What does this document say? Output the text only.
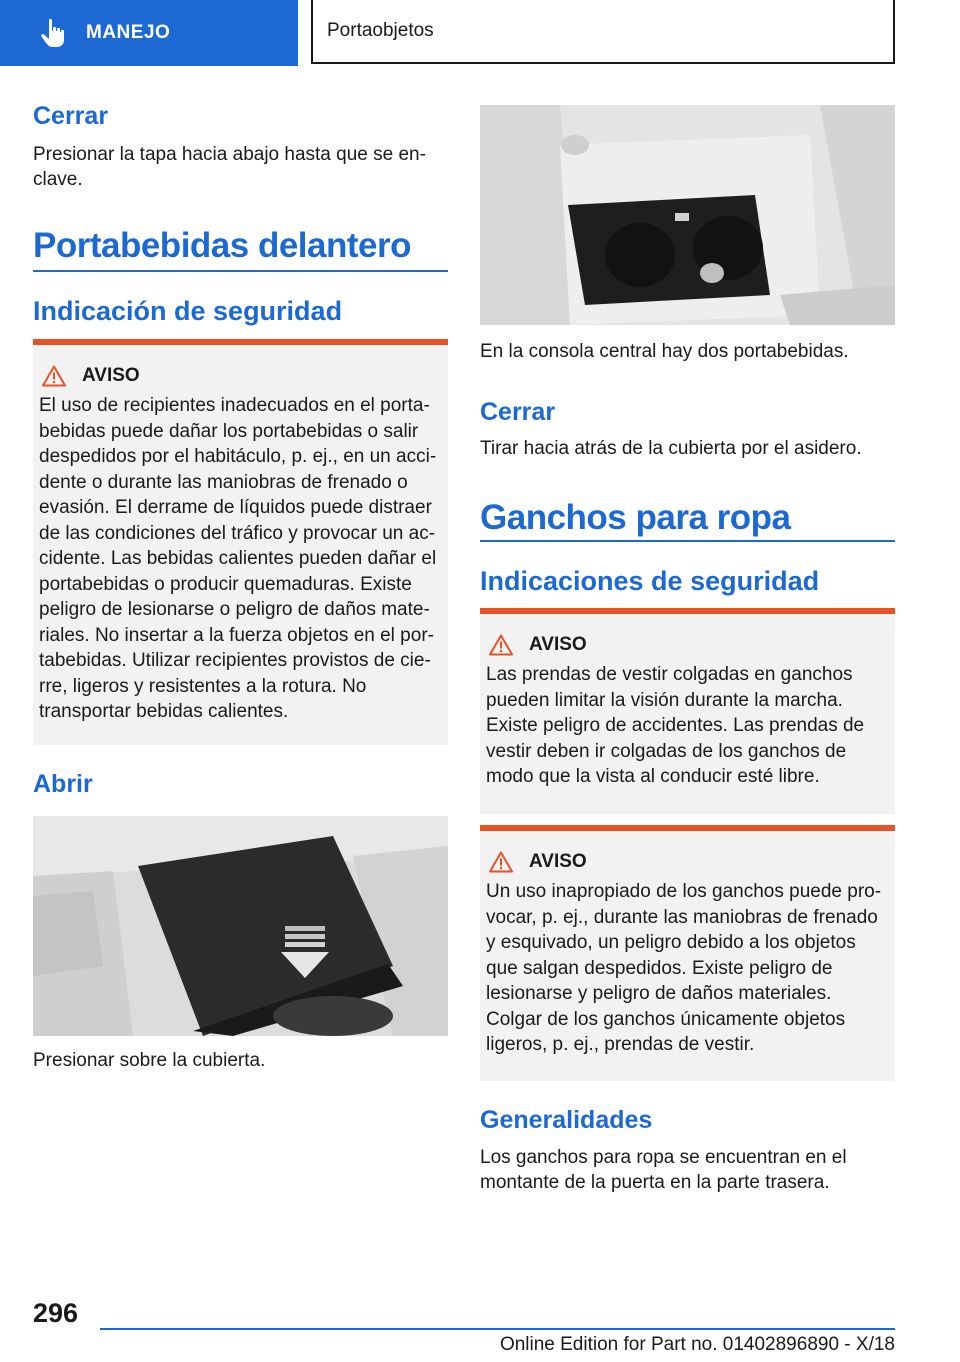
MANEJO	Portaobjetos
Cerrar
Presionar la tapa hacia abajo hasta que se enclave.
Portabebidas delantero
Indicación de seguridad
AVISO
El uso de recipientes inadecuados en el portabebidas puede dañar los portabebidas o salir despedidos por el habitáculo, p. ej., en un accidente o durante las maniobras de frenado o evasión. El derrame de líquidos puede distraer de las condiciones del tráfico y provocar un accidente. Las bebidas calientes pueden dañar el portabebidas o producir quemaduras. Existe peligro de lesionarse o peligro de daños materiales. No insertar a la fuerza objetos en el portabebidas. Utilizar recipientes provistos de cierre, ligeros y resistentes a la rotura. No transportar bebidas calientes.
Abrir
Presionar sobre la cubierta.
En la consola central hay dos portabebidas.
Cerrar
Tirar hacia atrás de la cubierta por el asidero.
Ganchos para ropa
Indicaciones de seguridad
AVISO
Las prendas de vestir colgadas en ganchos pueden limitar la visión durante la marcha. Existe peligro de accidentes. Las prendas de vestir deben ir colgadas de los ganchos de modo que la vista al conducir esté libre.
AVISO
Un uso inapropiado de los ganchos puede provocar, p. ej., durante las maniobras de frenado y esquivado, un peligro debido a los objetos que salgan despedidos. Existe peligro de lesionarse y peligro de daños materiales. Colgar de los ganchos únicamente objetos ligeros, p. ej., prendas de vestir.
Generalidades
Los ganchos para ropa se encuentran en el montante de la puerta en la parte trasera.
296
Online Edition for Part no. 01402896890 - X/18
